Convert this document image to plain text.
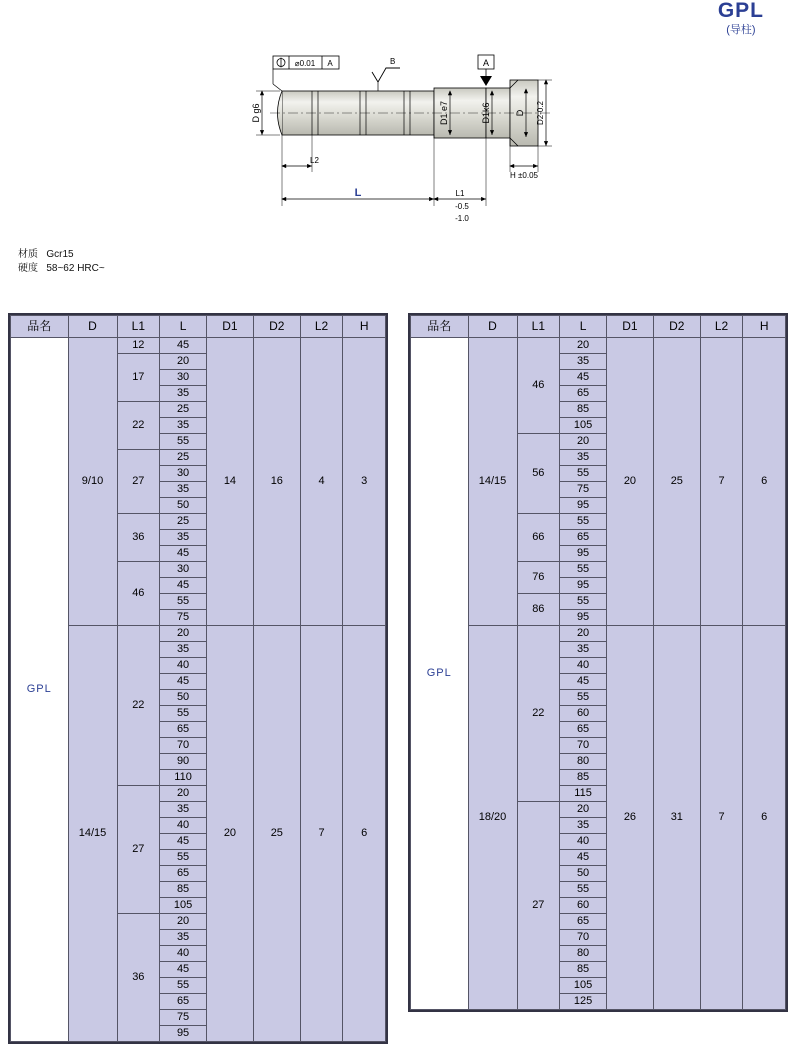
GPL
(导柱)
A
⌀0.01 A	B
D g6	D1 e7	D1k6	D D2-0.2
L2
L	L1
-0.5
-1.0
H ±0.05
材质 Gcr15
硬度 58~62 HRC~
品名	D	L1	L	D1	D2	L2	H
GPL	9/10	12	45	14	16	4	3
		17	20				
			30				
			35				
		22	25				
			35				
			55				
		27	25				
			30				
			35				
			50				
		36	25				
			35				
			45				
		46	30				
			45				
			55				
			75				
	14/15	22	20	20	25	7	6
			35				
			40				
			45				
			50				
			55				
			65				
			70				
			90				
			110				
		27	20				
			35				
			40				
			45				
			55				
			65				
			85				
			105				
		36	20				
			35				
			40				
			45				
			55				
			65				
			75				
			95				
品名	D	L1	L	D1	D2	L2	H
GPL	14/15	46	20	20	25	7	6
			35				
			45				
			65				
			85				
			105				
		56	20				
			35				
			55				
			75				
			95				
		66	55				
			65				
			95				
		76	55				
			95				
		86	55				
			95				
	18/20	22	20	26	31	7	6
			35				
			40				
			45				
			55				
			60				
			65				
			70				
			80				
			85				
			115				
		27	20				
			35				
			40				
			45				
			50				
			55				
			60				
			65				
			70				
			80				
			85				
			105				
			125				
